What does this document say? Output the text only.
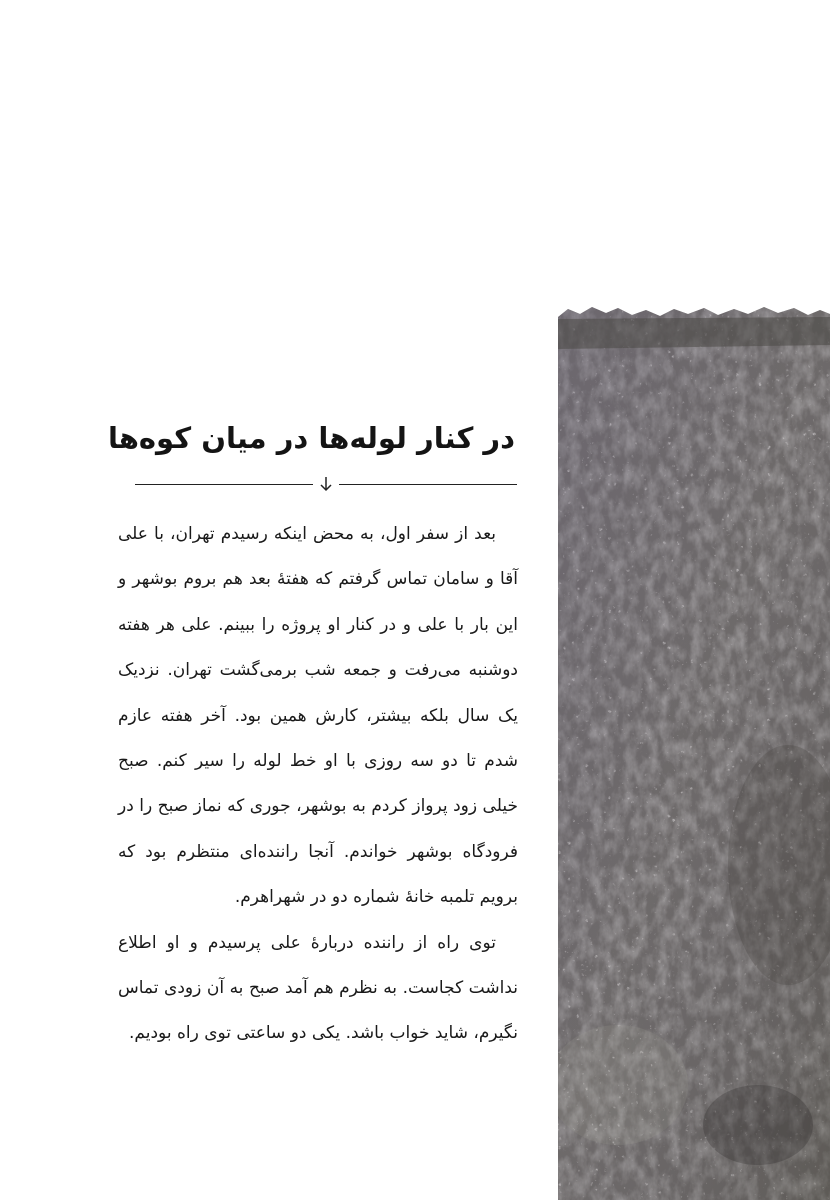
در کنار لوله‌ها در میان کوه‌ها

بعد از سفر اول، به محض اینکه رسیدم تهران، با علی آقا و سامان تماس گرفتم که هفتهٔ بعد هم بروم بوشهر و این بار با علی و در کنار او پروژه را ببینم. علی هر هفته دوشنبه می‌رفت و جمعه شب برمی‌گشت تهران. نزدیک یک سال بلکه بیشتر، کارش همین بود. آخر هفته عازم شدم تا دو سه روزی با او خط لوله را سیر کنم. صبح خیلی زود پرواز کردم به بوشهر، جوری که نماز صبح را در فرودگاه بوشهر خواندم. آنجا راننده‌ای منتظرم بود که برویم تلمبه خانهٔ شماره دو در شهراهرم.

توی راه از راننده دربارهٔ علی پرسیدم و او اطلاع نداشت کجاست. به نظرم هم آمد صبح به آن زودی تماس نگیرم، شاید خواب باشد. یکی دو ساعتی توی راه بودیم.
